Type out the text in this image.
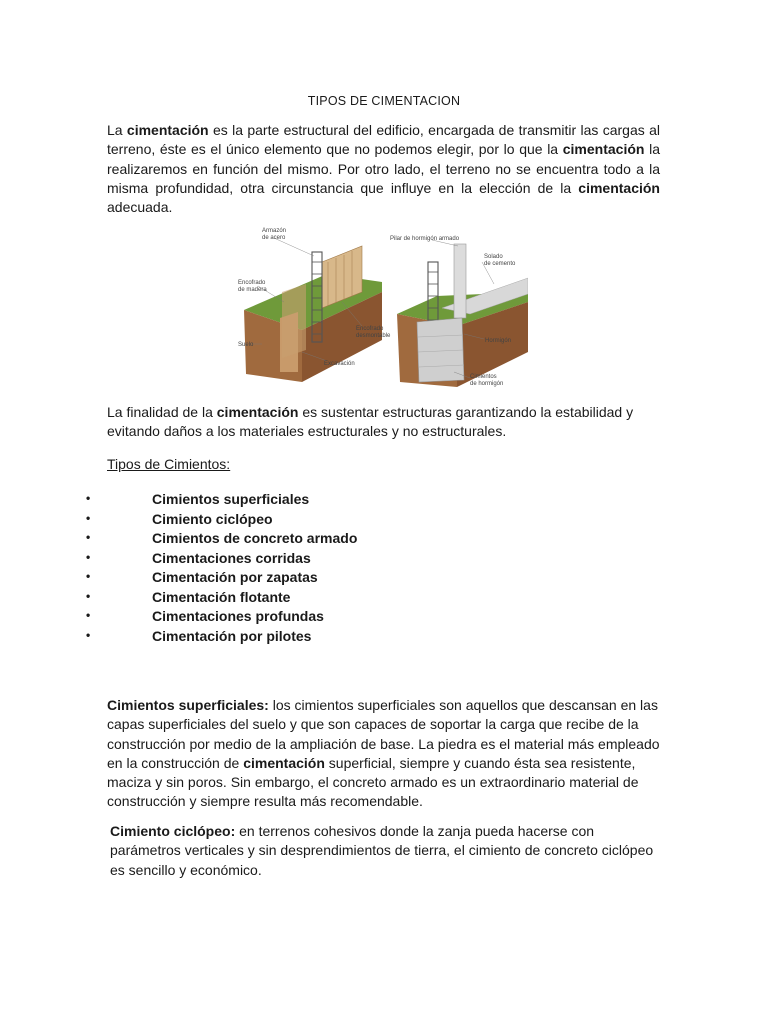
TIPOS DE CIMENTACION
La cimentación es la parte estructural del edificio, encargada de transmitir las cargas al terreno, éste es el único elemento que no podemos elegir, por lo que la cimentación la realizaremos en función del mismo. Por otro lado, el terreno no se encuentra todo a la misma profundidad, otra circunstancia que influye en la elección de la cimentación adecuada.
Armazón
de acero
Encofrado
de madera
Suelo
Excavación
Encofrado
desmontable
Pilar de hormigón armado
Solado
de cemento
Hormigón
Cimientos
de hormigón
La finalidad de la cimentación es sustentar estructuras garantizando la estabilidad y evitando daños a los materiales estructurales y no estructurales.
Tipos de Cimientos:
•	Cimientos superficiales
•	Cimiento ciclópeo
•	Cimientos de concreto armado
•	Cimentaciones corridas
•	Cimentación por zapatas
•	Cimentación flotante
•	Cimentaciones profundas
•	Cimentación por pilotes
Cimientos superficiales: los cimientos superficiales son aquellos que descansan en las capas superficiales del suelo y que son capaces de soportar la carga que recibe de la construcción por medio de la ampliación de base. La piedra es el material más empleado en la construcción de cimentación superficial, siempre y cuando ésta sea resistente, maciza y sin poros. Sin embargo, el concreto armado es un extraordinario material de construcción y siempre resulta más recomendable.
Cimiento ciclópeo: en terrenos cohesivos donde la zanja pueda hacerse con parámetros verticales y sin desprendimientos de tierra, el cimiento de concreto ciclópeo es sencillo y económico.
